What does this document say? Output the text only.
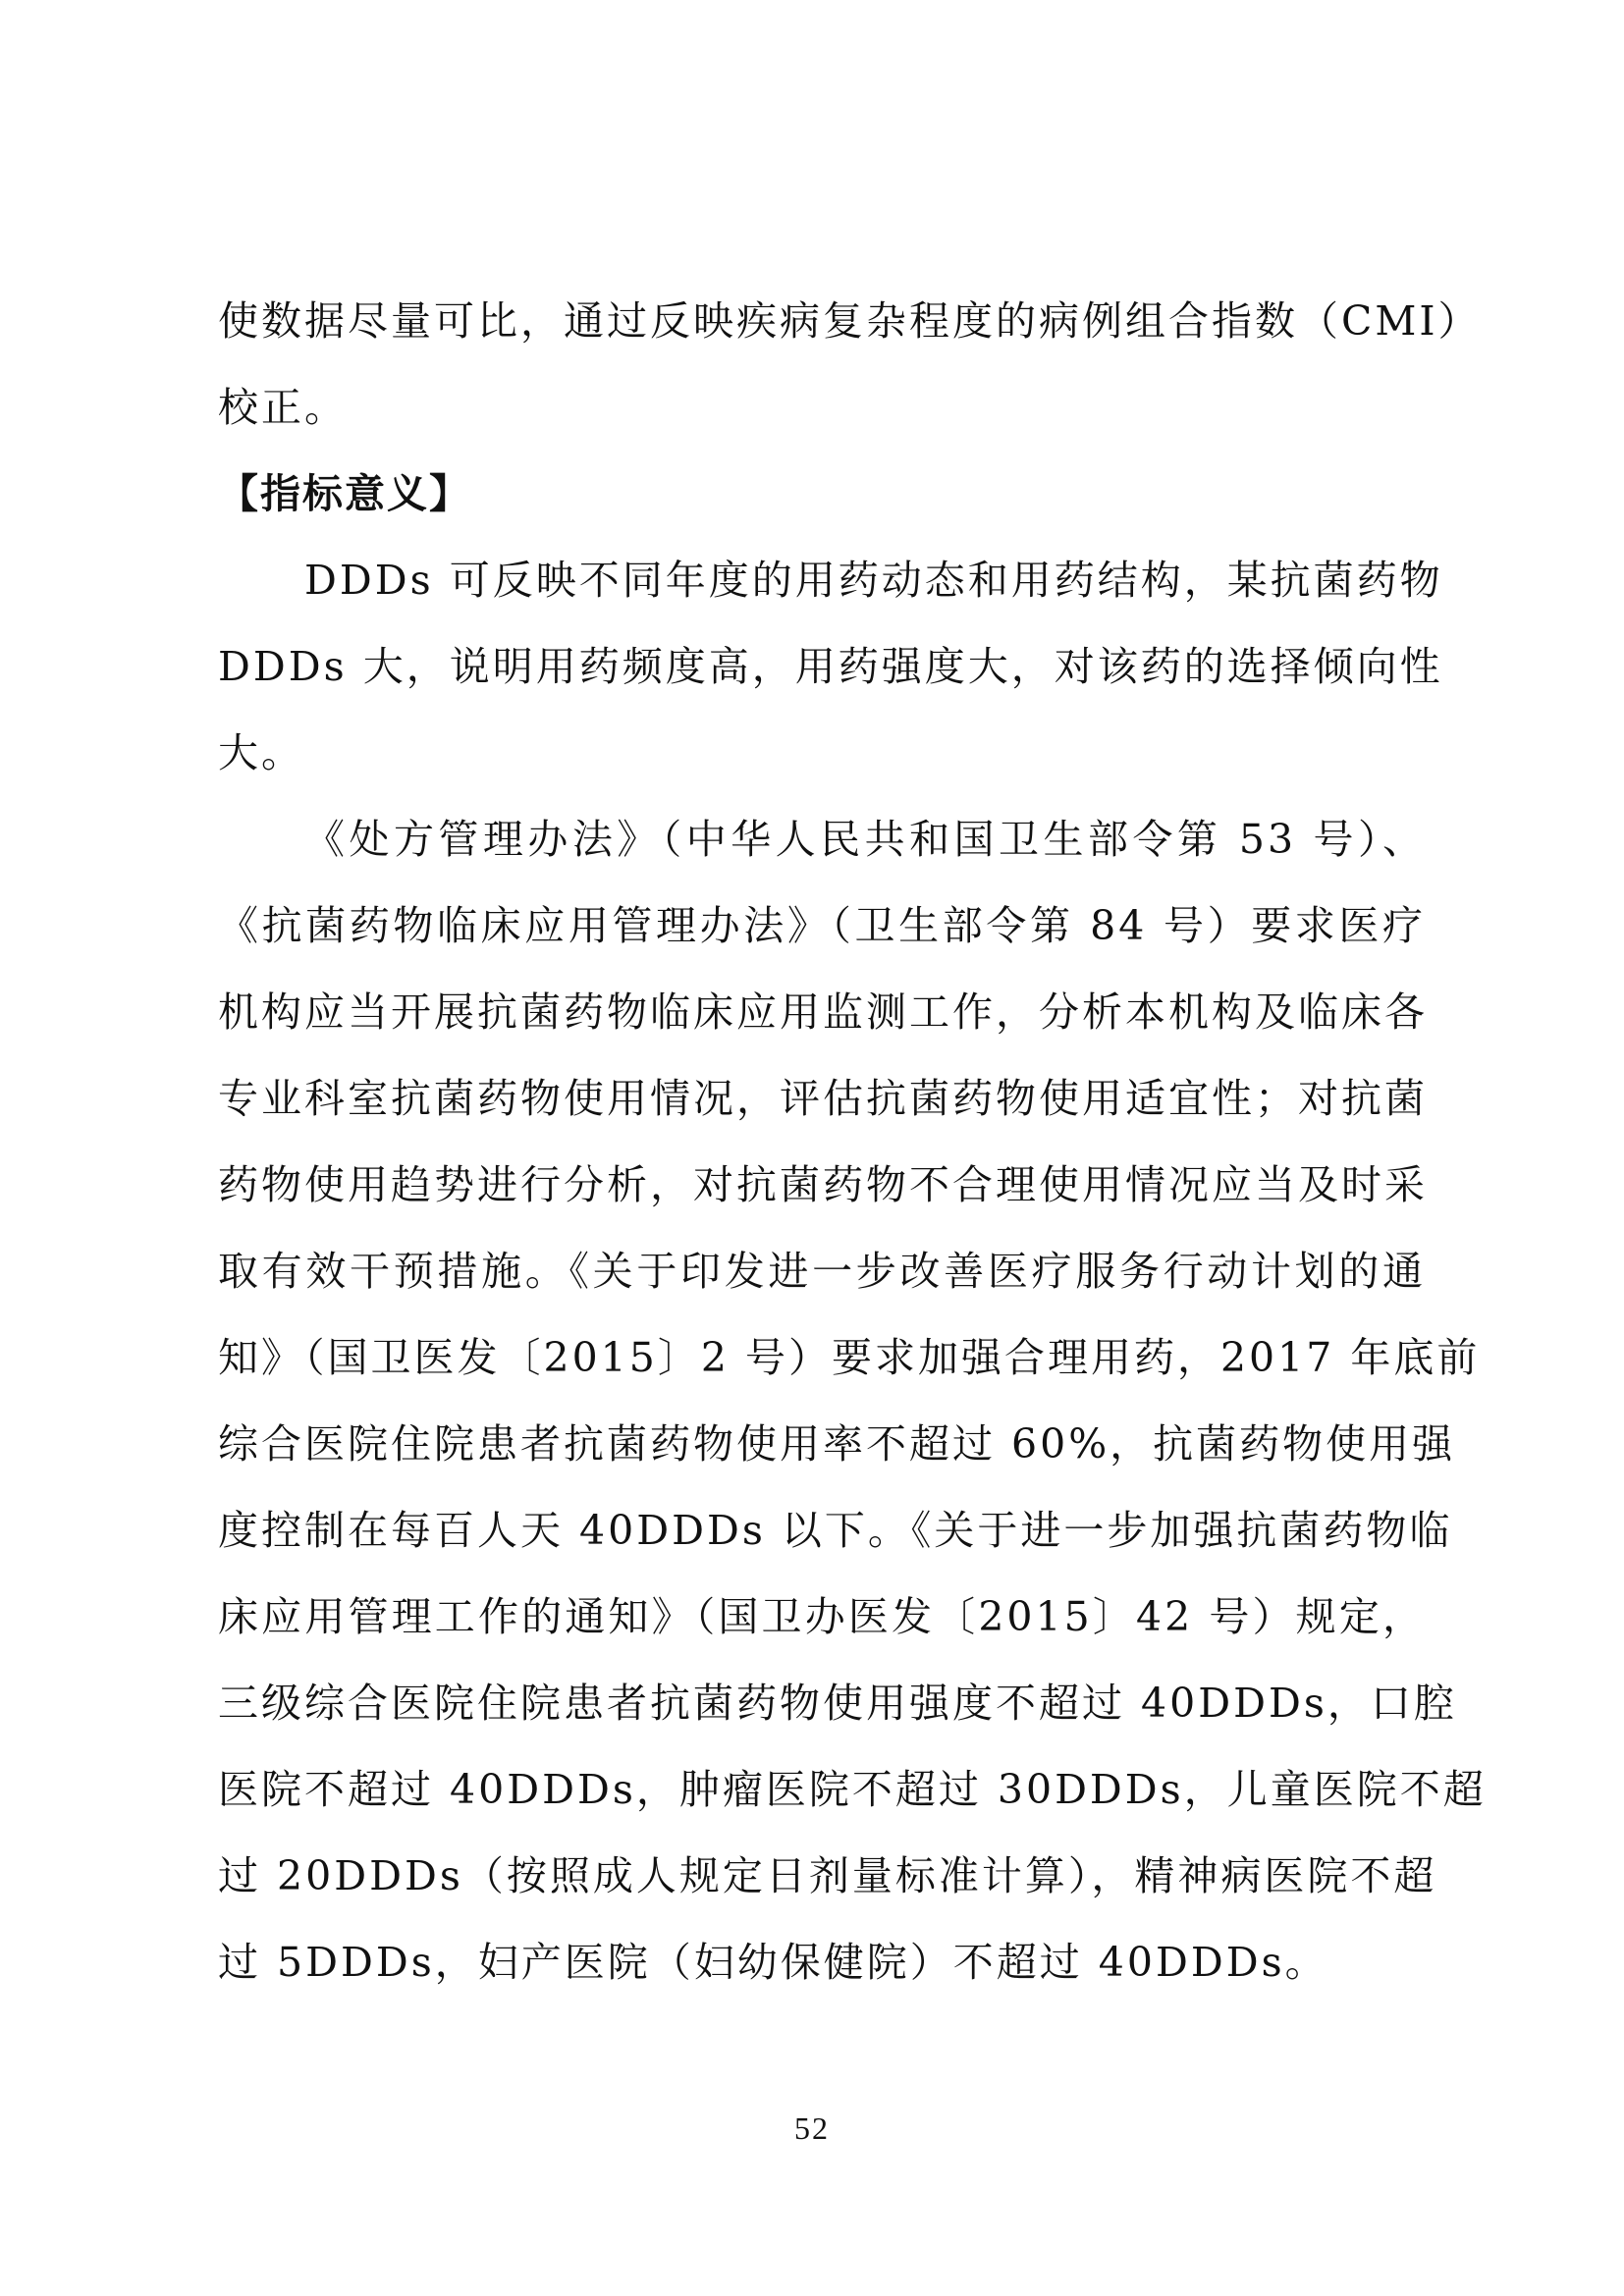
使数据尽量可比，通过反映疾病复杂程度的病例组合指数（CMI）
校正。
【指标意义】
DDDs 可反映不同年度的用药动态和用药结构，某抗菌药物
DDDs 大，说明用药频度高，用药强度大，对该药的选择倾向性
大。
《处方管理办法》（中华人民共和国卫生部令第 53 号）、
《抗菌药物临床应用管理办法》（卫生部令第 84 号）要求医疗
机构应当开展抗菌药物临床应用监测工作，分析本机构及临床各
专业科室抗菌药物使用情况，评估抗菌药物使用适宜性；对抗菌
药物使用趋势进行分析，对抗菌药物不合理使用情况应当及时采
取有效干预措施。《关于印发进一步改善医疗服务行动计划的通
知》（国卫医发〔2015〕2 号）要求加强合理用药，2017 年底前
综合医院住院患者抗菌药物使用率不超过 60%，抗菌药物使用强
度控制在每百人天 40DDDs 以下。《关于进一步加强抗菌药物临
床应用管理工作的通知》（国卫办医发〔2015〕42 号）规定，
三级综合医院住院患者抗菌药物使用强度不超过 40DDDs，口腔
医院不超过 40DDDs，肿瘤医院不超过 30DDDs，儿童医院不超
过 20DDDs（按照成人规定日剂量标准计算），精神病医院不超
过 5DDDs，妇产医院（妇幼保健院）不超过 40DDDs。
52
